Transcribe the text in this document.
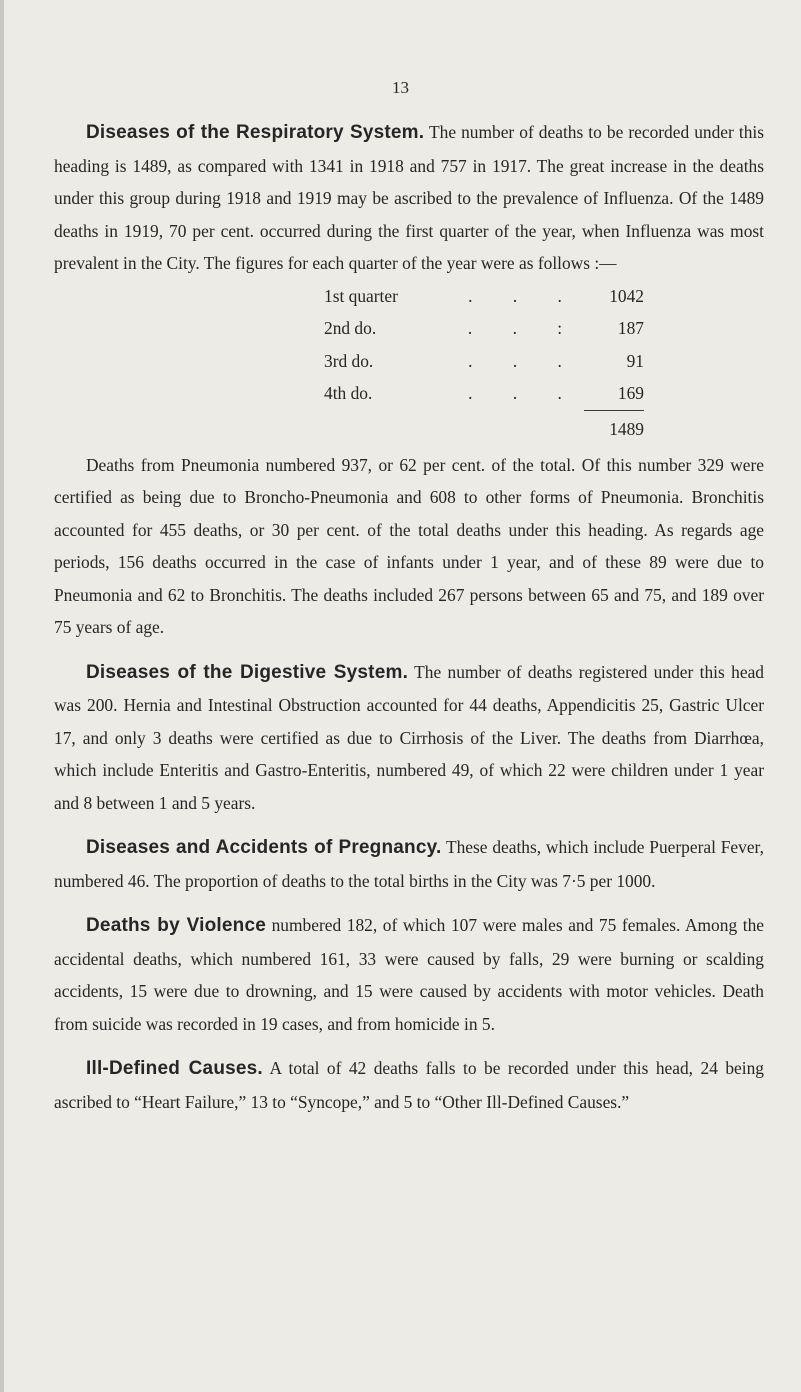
13

Diseases of the Respiratory System. The number of deaths to be recorded under this heading is 1489, as compared with 1341 in 1918 and 757 in 1917. The great increase in the deaths under this group during 1918 and 1919 may be ascribed to the prevalence of Influenza. Of the 1489 deaths in 1919, 70 per cent. occurred during the first quarter of the year, when Influenza was most prevalent in the City. The figures for each quarter of the year were as follows :—

1st quarter	. . .	1042
2nd do.	. . :	187
3rd do.	. . .	91
4th do.	. . .	169
		1489

Deaths from Pneumonia numbered 937, or 62 per cent. of the total. Of this number 329 were certified as being due to Broncho-Pneumonia and 608 to other forms of Pneumonia. Bronchitis accounted for 455 deaths, or 30 per cent. of the total deaths under this heading. As regards age periods, 156 deaths occurred in the case of infants under 1 year, and of these 89 were due to Pneumonia and 62 to Bronchitis. The deaths included 267 persons between 65 and 75, and 189 over 75 years of age.

Diseases of the Digestive System. The number of deaths registered under this head was 200. Hernia and Intestinal Obstruction accounted for 44 deaths, Appendicitis 25, Gastric Ulcer 17, and only 3 deaths were certified as due to Cirrhosis of the Liver. The deaths from Diarrhœa, which include Enteritis and Gastro-Enteritis, numbered 49, of which 22 were children under 1 year and 8 between 1 and 5 years.

Diseases and Accidents of Pregnancy. These deaths, which include Puerperal Fever, numbered 46. The proportion of deaths to the total births in the City was 7·5 per 1000.

Deaths by Violence numbered 182, of which 107 were males and 75 females. Among the accidental deaths, which numbered 161, 33 were caused by falls, 29 were burning or scalding accidents, 15 were due to drowning, and 15 were caused by accidents with motor vehicles. Death from suicide was recorded in 19 cases, and from homicide in 5.

Ill-Defined Causes. A total of 42 deaths falls to be recorded under this head, 24 being ascribed to “Heart Failure,” 13 to “Syncope,” and 5 to “Other Ill-Defined Causes.”
